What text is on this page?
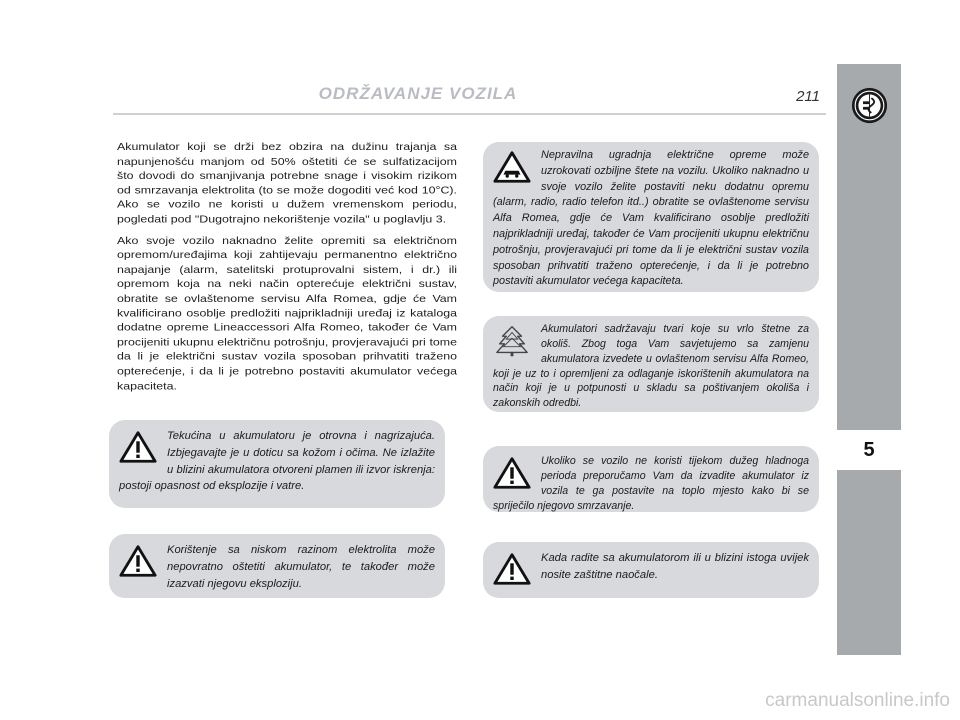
ODRŽAVANJE VOZILA	211
5

Akumulator koji se drži bez obzira na dužinu trajanja sa napunjenošću manjom od 50% oštetiti će se sulfatizacijom što dovodi do smanjivanja potrebne snage i visokim rizikom od smrzavanja elektrolita (to se može dogoditi već kod 10°C). Ako se vozilo ne koristi u dužem vremenskom periodu, pogledati pod "Dugotrajno nekorištenje vozila" u poglavlju 3.

Ako svoje vozilo naknadno želite opremiti sa električnom opremom/uređajima koji zahtijevaju permanentno električno napajanje (alarm, satelitski protuprovalni sistem, i dr.) ili opremom koja na neki način opterećuje električni sustav, obratite se ovlaštenome servisu Alfa Romea, gdje će Vam kvalificirano osoblje predložiti najprikladniji uređaj iz kataloga dodatne opreme Lineaccessori Alfa Romeo, također će Vam procijeniti ukupnu električnu potrošnju, provjeravajući pri tome da li je električni sustav vozila sposoban prihvatiti traženo opterećenje, i da li je potrebno postaviti akumulator većega kapaciteta.

Tekućina u akumulatoru je otrovna i nagrizajuća. Izbjegavajte je u doticu sa kožom i očima. Ne izlažite u blizini akumulatora otvoreni plamen ili izvor iskrenja: postoji opasnost od eksplozije i vatre.
Korištenje sa niskom razinom elektrolita može nepovratno oštetiti akumulator, te također može izazvati njegovu eksploziju.
Nepravilna ugradnja električne opreme može uzrokovati ozbiljne štete na vozilu. Ukoliko naknadno u svoje vozilo želite postaviti neku dodatnu opremu (alarm, radio, radio telefon itd..) obratite se ovlaštenome servisu Alfa Romea, gdje će Vam kvalificirano osoblje predložiti najprikladniji uređaj, također će Vam procijeniti ukupnu električnu potrošnju, provjeravajući pri tome da li je električni sustav vozila sposoban prihvatiti traženo opterećenje, i da li je potrebno postaviti akumulator većega kapaciteta.
Akumulatori sadržavaju tvari koje su vrlo štetne za okoliš. Zbog toga Vam savjetujemo sa zamjenu akumulatora izvedete u ovlaštenom servisu Alfa Romeo, koji je uz to i opremljeni za odlaganje iskorištenih akumulatora na način koji je u potpunosti u skladu sa poštivanjem okoliša i zakonskih odredbi.
Ukoliko se vozilo ne koristi tijekom dužeg hladnoga perioda preporučamo Vam da izvadite akumulator iz vozila te ga postavite na toplo mjesto kako bi se spriječilo njegovo smrzavanje.
Kada radite sa akumulatorom ili u blizini istoga uvijek nosite zaštitne naočale.
carmanualsonline.info
